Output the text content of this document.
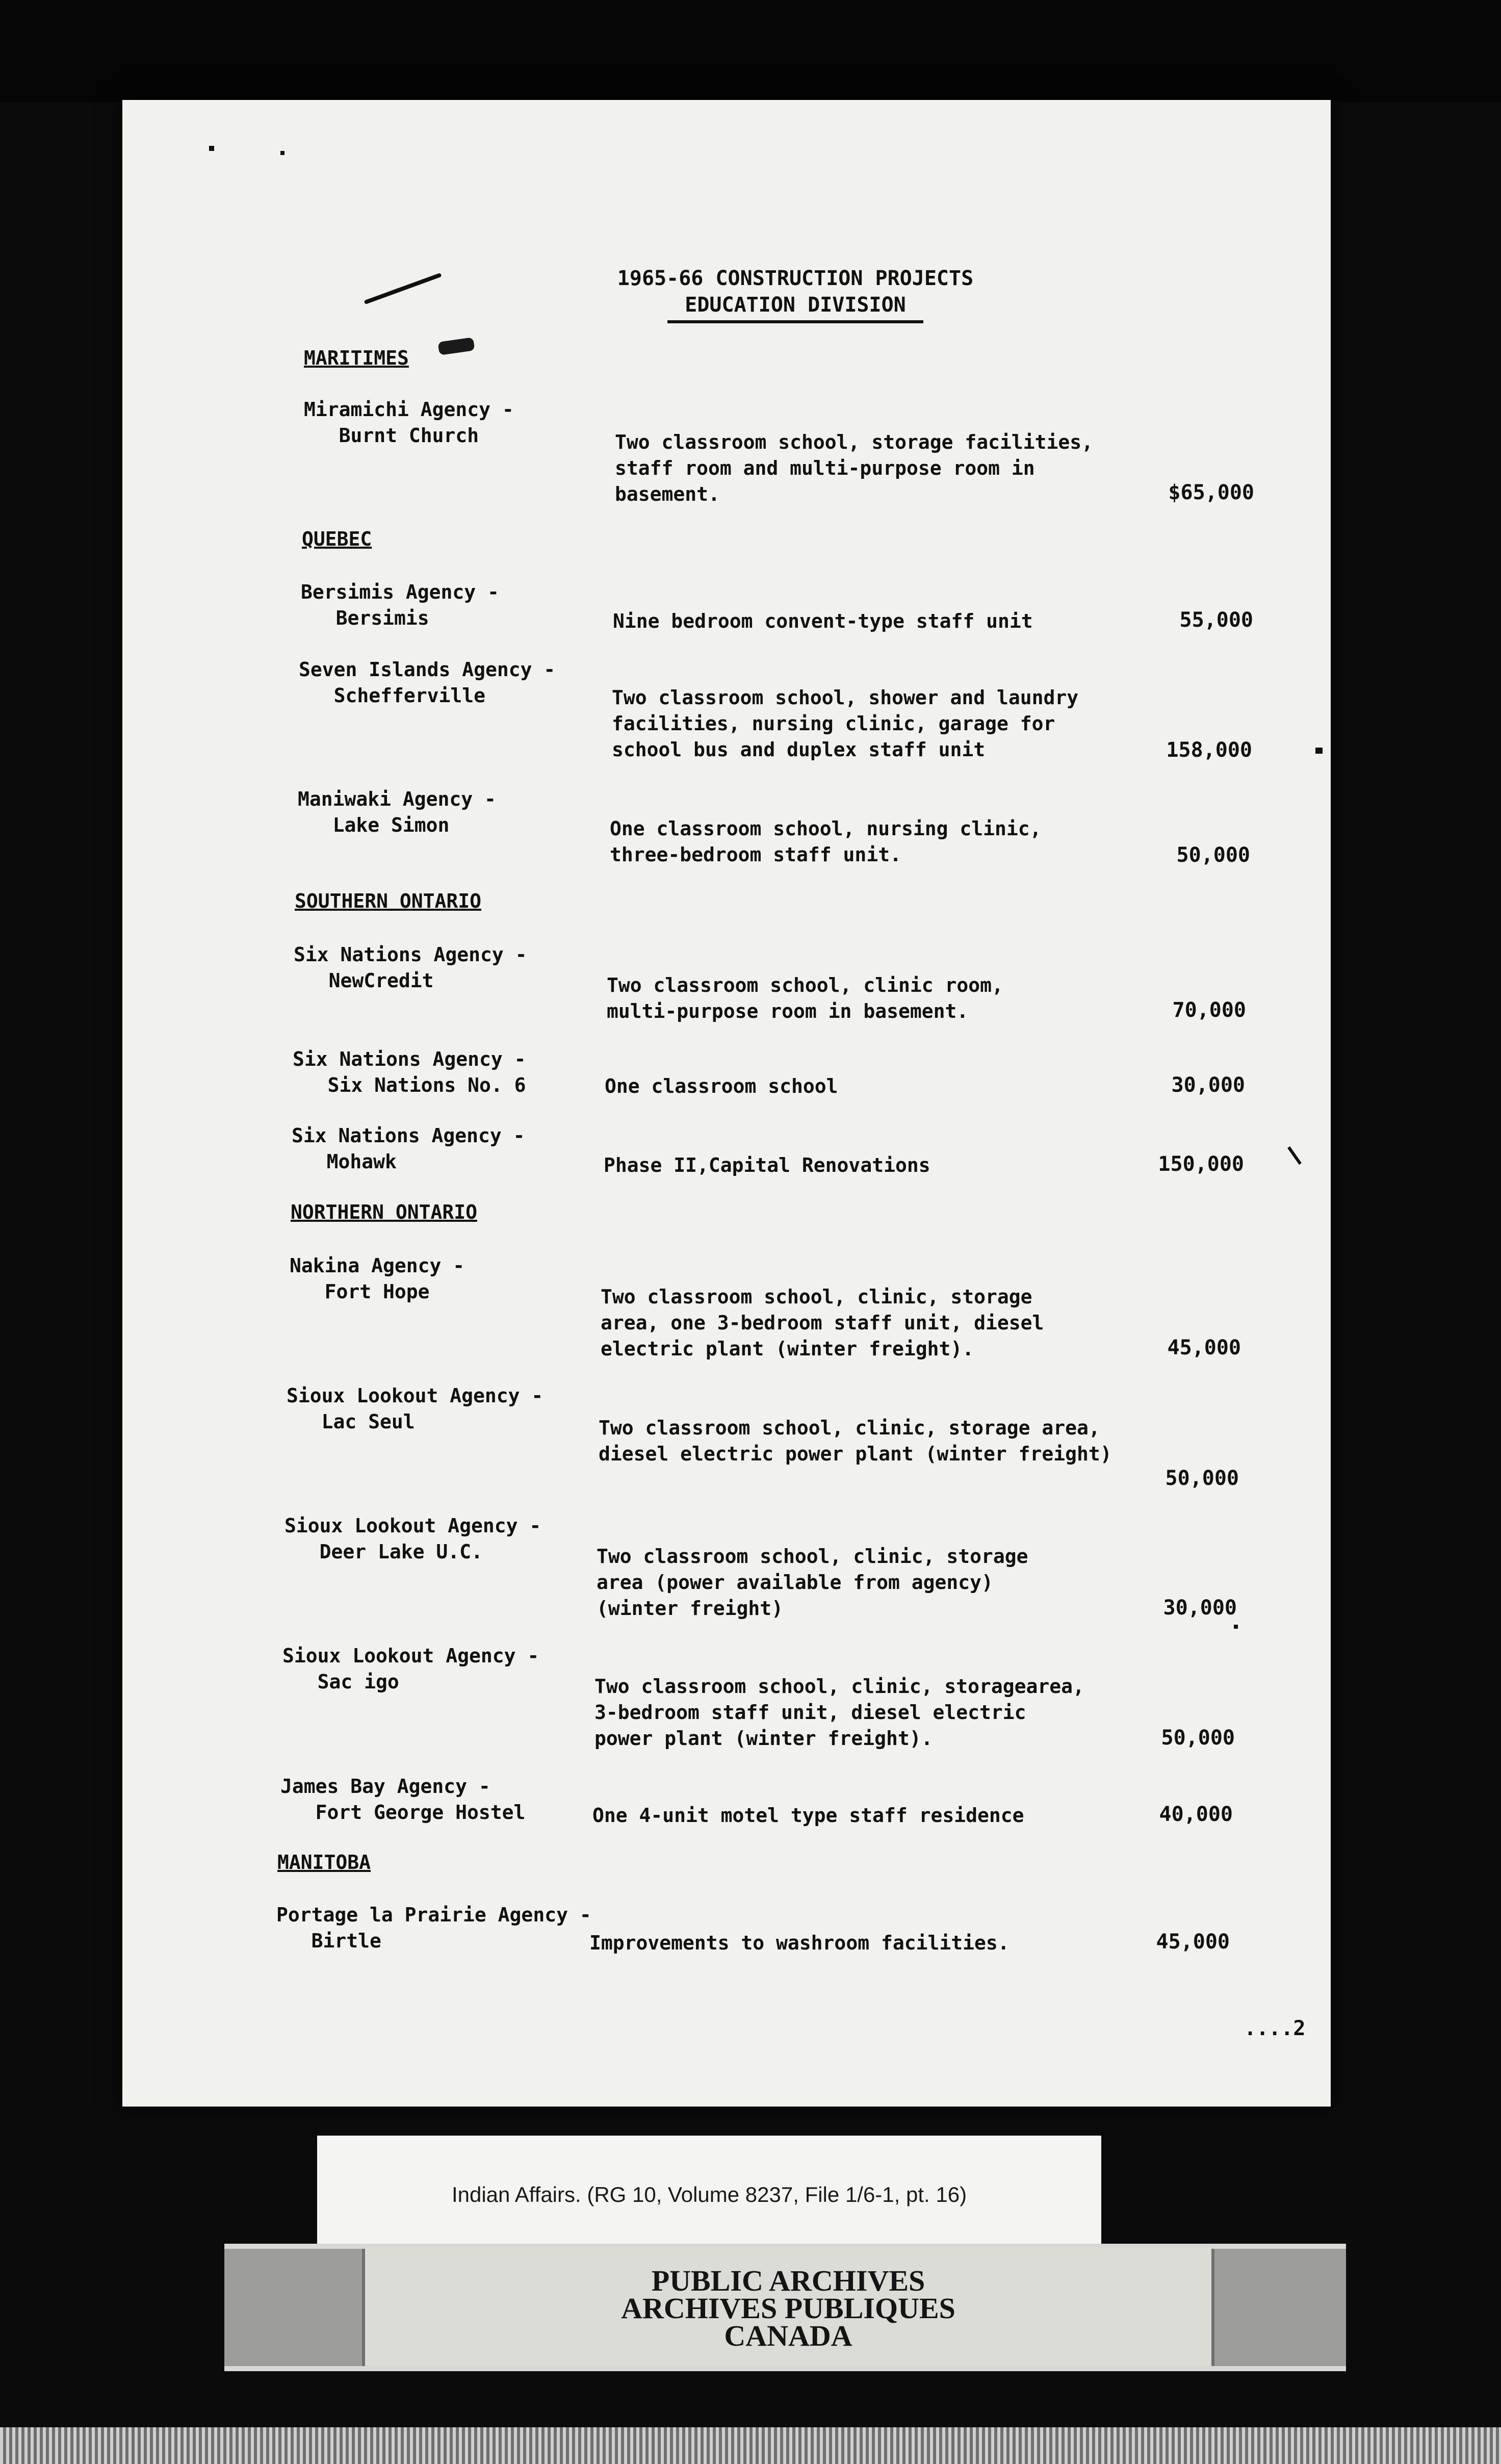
1965-66 CONSTRUCTION PROJECTS
EDUCATION DIVISION
MARITIMES
Miramichi Agency -
Burnt Church	Two classroom school, storage facilities,
staff room and multi-purpose room in
basement.	$65,000
QUEBEC
Bersimis Agency -
Bersimis	Nine bedroom convent-type staff unit	55,000
Seven Islands Agency -
Schefferville	Two classroom school, shower and laundry
facilities, nursing clinic, garage for
school bus and duplex staff unit	158,000
Maniwaki Agency -
Lake Simon	One classroom school, nursing clinic,
three-bedroom staff unit.	50,000
SOUTHERN ONTARIO
Six Nations Agency -
NewCredit	Two classroom school, clinic room,
multi-purpose room in basement.	70,000
Six Nations Agency -
Six Nations No. 6	One classroom school	30,000
Six Nations Agency -
Mohawk	Phase II,Capital Renovations	150,000
NORTHERN ONTARIO
Nakina Agency -
Fort Hope	Two classroom school, clinic, storage
area, one 3-bedroom staff unit, diesel
electric plant (winter freight).	45,000
Sioux Lookout Agency -
Lac Seul	Two classroom school, clinic, storage area,
diesel electric power plant (winter freight)
50,000
Sioux Lookout Agency -
Deer Lake U.C.	Two classroom school, clinic, storage
area (power available from agency)
(winter freight)	30,000
Sioux Lookout Agency -
Sac igo	Two classroom school, clinic, storagearea,
3-bedroom staff unit, diesel electric
power plant (winter freight).	50,000
James Bay Agency -
Fort George Hostel	One 4-unit motel type staff residence	40,000
MANITOBA
Portage la Prairie Agency -
Birtle	Improvements to washroom facilities.	45,000
....2
Indian Affairs. (RG 10, Volume 8237, File 1/6-1, pt. 16)
PUBLIC ARCHIVES
ARCHIVES PUBLIQUES
CANADA
